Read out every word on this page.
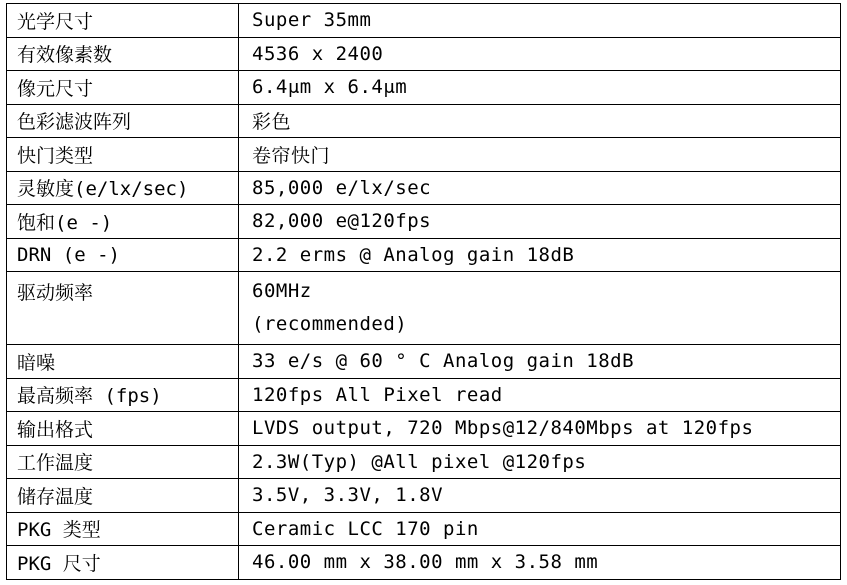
光学尺寸	Super 35mm
有效像素数	4536 x 2400
像元尺寸	6.4μm x 6.4μm
色彩滤波阵列	彩色
快门类型	卷帘快门
灵敏度(e/lx/sec)	85,000 e/lx/sec
饱和(e -)	82,000 e@120fps
DRN (e -)	2.2 erms @ Analog gain 18dB
驱动频率	60MHz
(recommended)

暗噪	33 e/s @ 60 ° C Analog gain 18dB
最高频率 (fps)	120fps All Pixel read
输出格式	LVDS output, 720 Mbps@12/840Mbps at 120fps
工作温度	2.3W(Typ) @All pixel @120fps
储存温度	3.5V, 3.3V, 1.8V
PKG 类型	Ceramic LCC 170 pin
PKG 尺寸	46.00 mm x 38.00 mm x 3.58 mm
